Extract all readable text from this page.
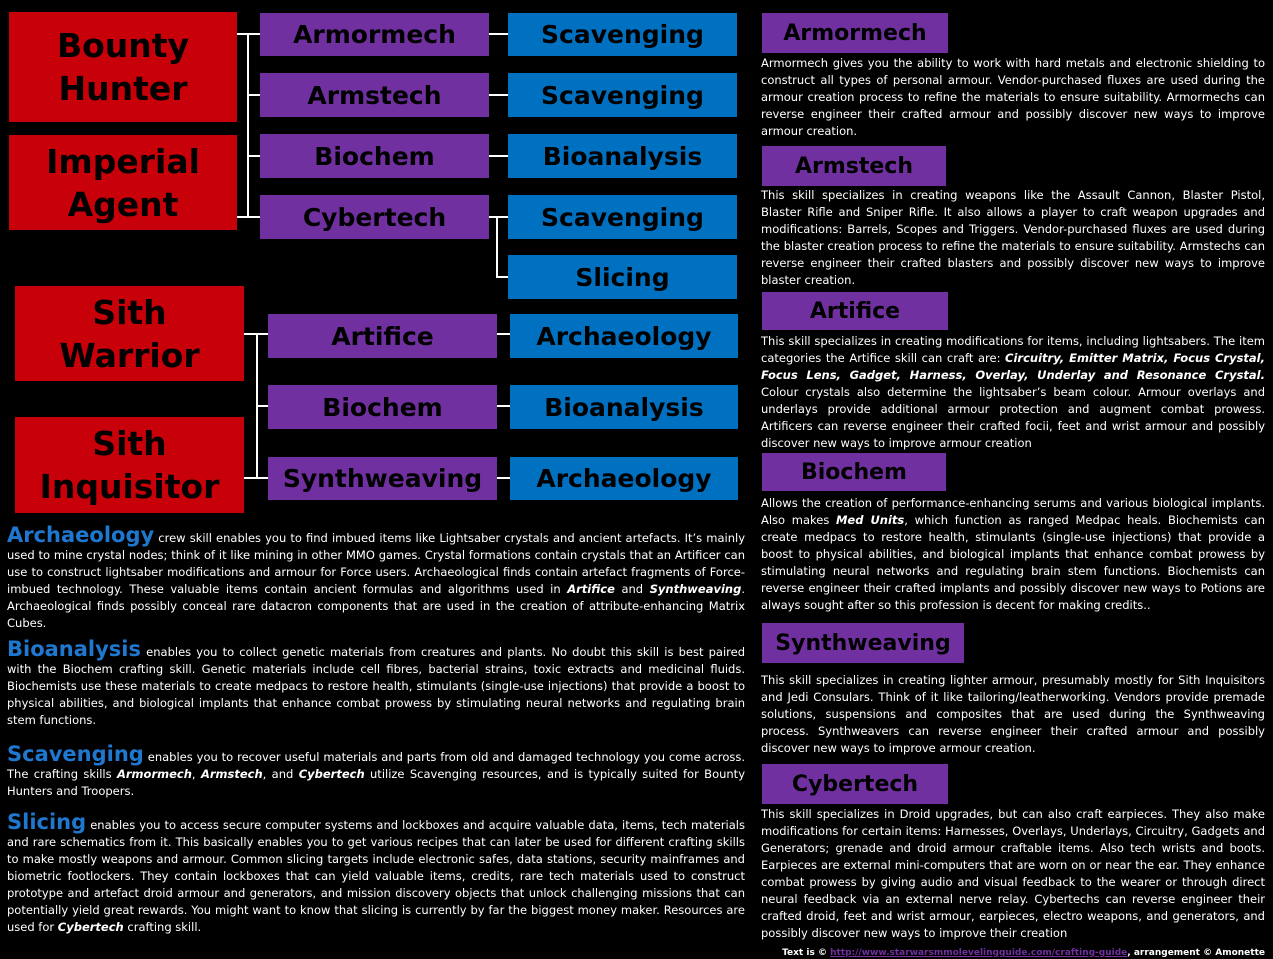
Bounty
Hunter
Imperial
Agent
Sith
Warrior
Sith
Inquisitor
Armormech
Armstech
Biochem
Cybertech
Artifice
Biochem
Synthweaving
Scavenging
Scavenging
Bioanalysis
Scavenging
Slicing
Archaeology
Bioanalysis
Archaeology

Archaeology crew skill enables you to find imbued items like Lightsaber crystals and ancient artefacts. It’s mainly used to mine crystal nodes; think of it like mining in other MMO games. Crystal formations contain crystals that an Artificer can use to construct lightsaber modifications and armour for Force users. Archaeological finds contain artefact fragments of Force-imbued technology. These valuable items contain ancient formulas and algorithms used in Artifice and Synthweaving. Archaeological finds possibly conceal rare datacron components that are used in the creation of attribute-enhancing Matrix Cubes.

Bioanalysis enables you to collect genetic materials from creatures and plants. No doubt this skill is best paired with the Biochem crafting skill. Genetic materials include cell fibres, bacterial strains, toxic extracts and medicinal fluids. Biochemists use these materials to create medpacs to restore health, stimulants (single-use injections) that provide a boost to physical abilities, and biological implants that enhance combat prowess by stimulating neural networks and regulating brain stem functions.

Scavenging enables you to recover useful materials and parts from old and damaged technology you come across. The crafting skills Armormech, Armstech, and Cybertech utilize Scavenging resources, and is typically suited for Bounty Hunters and Troopers.

Slicing enables you to access secure computer systems and lockboxes and acquire valuable data, items, tech materials and rare schematics from it. This basically enables you to get various recipes that can later be used for different crafting skills to make mostly weapons and armour. Common slicing targets include electronic safes, data stations, security mainframes and biometric footlockers. They contain lockboxes that can yield valuable items, credits, rare tech materials used to construct prototype and artefact droid armour and generators, and mission discovery objects that unlock challenging missions that can potentially yield great rewards. You might want to know that slicing is currently by far the biggest money maker. Resources are used for Cybertech crafting skill.

Armormech

Armormech gives you the ability to work with hard metals and electronic shielding to construct all types of personal armour. Vendor-purchased fluxes are used during the armour creation process to refine the materials to ensure suitability. Armormechs can reverse engineer their crafted armour and possibly discover new ways to improve armour creation.

Armstech

This skill specializes in creating weapons like the Assault Cannon, Blaster Pistol, Blaster Rifle and Sniper Rifle. It also allows a player to craft weapon upgrades and modifications: Barrels, Scopes and Triggers. Vendor-purchased fluxes are used during the blaster creation process to refine the materials to ensure suitability. Armstechs can reverse engineer their crafted blasters and possibly discover new ways to improve blaster creation.

Artifice

This skill specializes in creating modifications for items, including lightsabers. The item categories the Artifice skill can craft are: Circuitry, Emitter Matrix, Focus Crystal, Focus Lens, Gadget, Harness, Overlay, Underlay and Resonance Crystal. Colour crystals also determine the lightsaber’s beam colour. Armour overlays and underlays provide additional armour protection and augment combat prowess. Artificers can reverse engineer their crafted focii, feet and wrist armour and possibly discover new ways to improve armour creation

Biochem

Allows the creation of performance-enhancing serums and various biological implants. Also makes Med Units, which function as ranged Medpac heals. Biochemists can create medpacs to restore health, stimulants (single-use injections) that provide a boost to physical abilities, and biological implants that enhance combat prowess by stimulating neural networks and regulating brain stem functions. Biochemists can reverse engineer their crafted implants and possibly discover new ways to Potions are always sought after so this profession is decent for making credits..

Synthweaving

This skill specializes in creating lighter armour, presumably mostly for Sith Inquisitors and Jedi Consulars. Think of it like tailoring/leatherworking. Vendors provide premade solutions, suspensions and composites that are used during the Synthweaving process. Synthweavers can reverse engineer their crafted armour and possibly discover new ways to improve armour creation.

Cybertech

This skill specializes in Droid upgrades, but can also craft earpieces. They also make modifications for certain items: Harnesses, Overlays, Underlays, Circuitry, Gadgets and Generators; grenade and droid armour craftable items. Also tech wrists and boots. Earpieces are external mini-computers that are worn on or near the ear. They enhance combat prowess by giving audio and visual feedback to the wearer or through direct neural feedback via an external nerve relay. Cybertechs can reverse engineer their crafted droid, feet and wrist armour, earpieces, electro weapons, and generators, and possibly discover new ways to improve their creation

Text is © http://www.starwarsmmolevelingguide.com/crafting-guide, arrangement © Amonette
